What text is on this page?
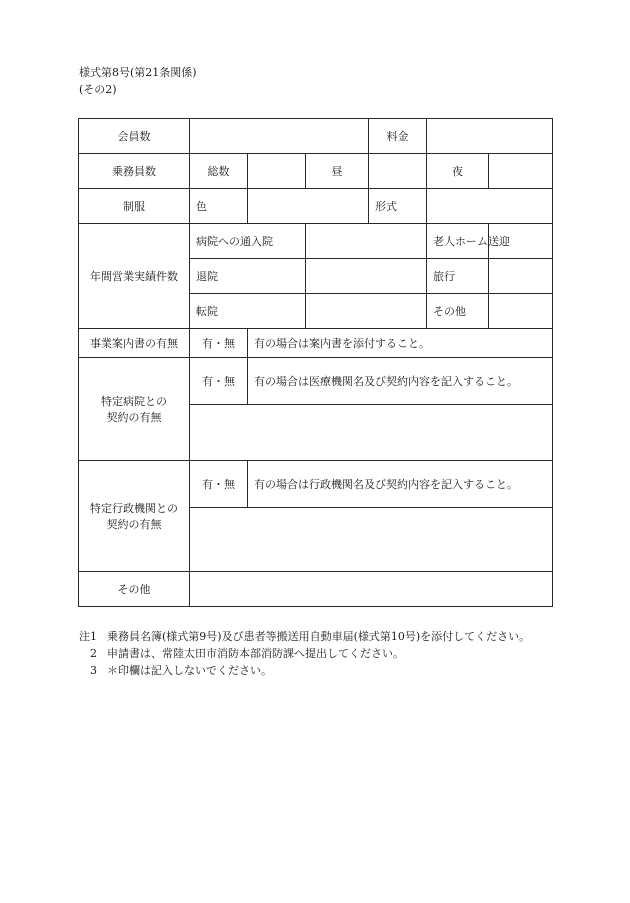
様式第8号(第21条関係)
(その2)
会員数				料金		
乗務員数	総数		昼		夜	
制服	色			形式		
年間営業実績件数	病院への通入院				老人ホーム送迎	
	退院				旅行	
	転院				その他	
事業案内書の有無	有・無	有の場合は案内書を添付すること。				
特定病院との
契約の有無	有・無	有の場合は医療機関名及び契約内容を記入すること。				

特定行政機関との
契約の有無	有・無	有の場合は行政機関名及び契約内容を記入すること。				

その他						
注1 乗務員名簿(様式第9号)及び患者等搬送用自動車届(様式第10号)を添付してください。
2 申請書は、常陸太田市消防本部消防課へ提出してください。
3 ＊印欄は記入しないでください。
